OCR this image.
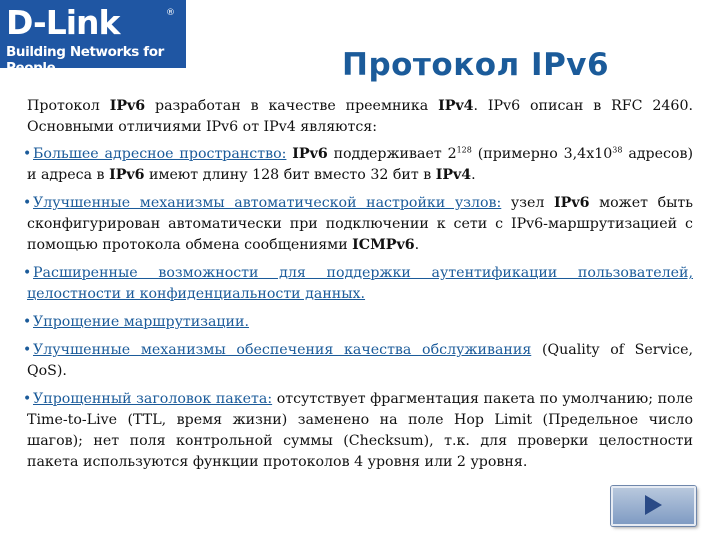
D-Link	®
Building Networks for People	Протокол IPv6

Протокол IPv6 разработан в качестве преемника IPv4. IPv6 описан в RFC 2460. Основными отличиями IPv6 от IPv4 являются:

• Большее адресное пространство: IPv6 поддерживает $2^{128}$ (примерно $3,4х10^{38}$ адресов) и адреса в IPv6 имеют длину 128 бит вместо 32 бит в IPv4.
• Улучшенные механизмы автоматической настройки узлов: узел IPv6 может быть сконфигурирован автоматически при подключении к сети с IPv6-маршрутизацией с помощью протокола обмена сообщениями ICMPv6.
• Расширенные возможности для поддержки аутентификации пользователей, целостности и конфиденциальности данных.
• Упрощение маршрутизации.
• Улучшенные механизмы обеспечения качества обслуживания (Quality of Service, QoS).
• Упрощенный заголовок пакета: отсутствует фрагментация пакета по умолчанию; поле Time-to-Live (TTL, время жизни) заменено на поле Hop Limit (Предельное число шагов); нет поля контрольной суммы (Checksum), т.к. для проверки целостности пакета используются функции протоколов 4 уровня или 2 уровня.
